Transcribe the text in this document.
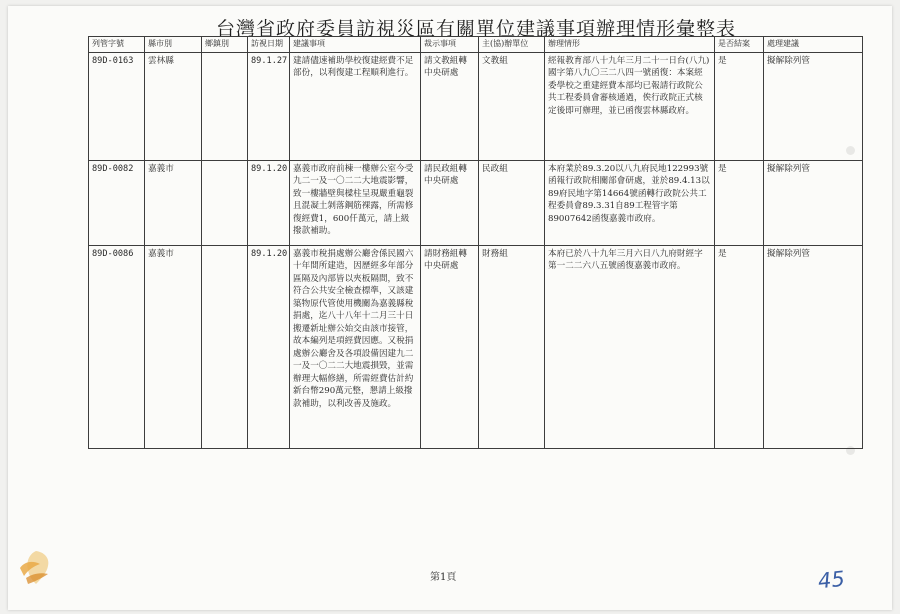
台灣省政府委員訪視災區有關單位建議事項辦理情形彙整表
列管字號	縣市別	鄉鎮別	訪視日期	建議事項	裁示事項	主(協)辦單位	辦理情形	是否結案	處理建議
89D-0163	雲林縣		89.1.27	建請儘速補助學校復建經費不足部份，以利復建工程順利進行。	請文教組轉中央研處	文教組	經報教育部八十九年三月二十一日台(八九)國字第八九〇三二八四一號函復：本案經委學校之重建經費本部均已報請行政院公共工程委員會審核通過，俟行政院正式核定後即可辦理，並已函復雲林縣政府。	是	擬解除列管
89D-0082	嘉義市		89.1.20	嘉義市政府前棟一樓辦公室今受九二一及一〇二二大地震影響，致一樓牆壁與樑柱呈現嚴重龜裂且混凝土剝落鋼筋裸露，所需修復經費1，600仟萬元，請上級撥款補助。	請民政組轉中央研處	民政組	本府業於89.3.20以八九府民地122993號函報行政院相關部會研處，並於89.4.13以89府民地字第14664號函轉行政院公共工程委員會89.3.31自89工程管字第89007642函復嘉義市政府。	是	擬解除列管
89D-0086	嘉義市		89.1.20	嘉義市稅捐處辦公廳舍係民國六十年間所建造，因歷經多年部分區隔及內部皆以夾板隔間，致不符合公共安全檢查標準，又該建築物原代管使用機關為嘉義縣稅捐處，迄八十八年十二月三十日搬遷新址辦公始交由該市接管，故本編列是項經費因應。又稅捐處辦公廳舍及各項設備因建九二一及一〇二二大地震損毀，並需辦理大幅修繕，所需經費估計約新台幣290萬元整，懇請上級撥款補助，以利改善及施政。	請財務組轉中央研處	財務組	本府已於八十九年三月六日八九府財經字第一二二六八五號函復嘉義市政府。	是	擬解除列管
第1頁	45
